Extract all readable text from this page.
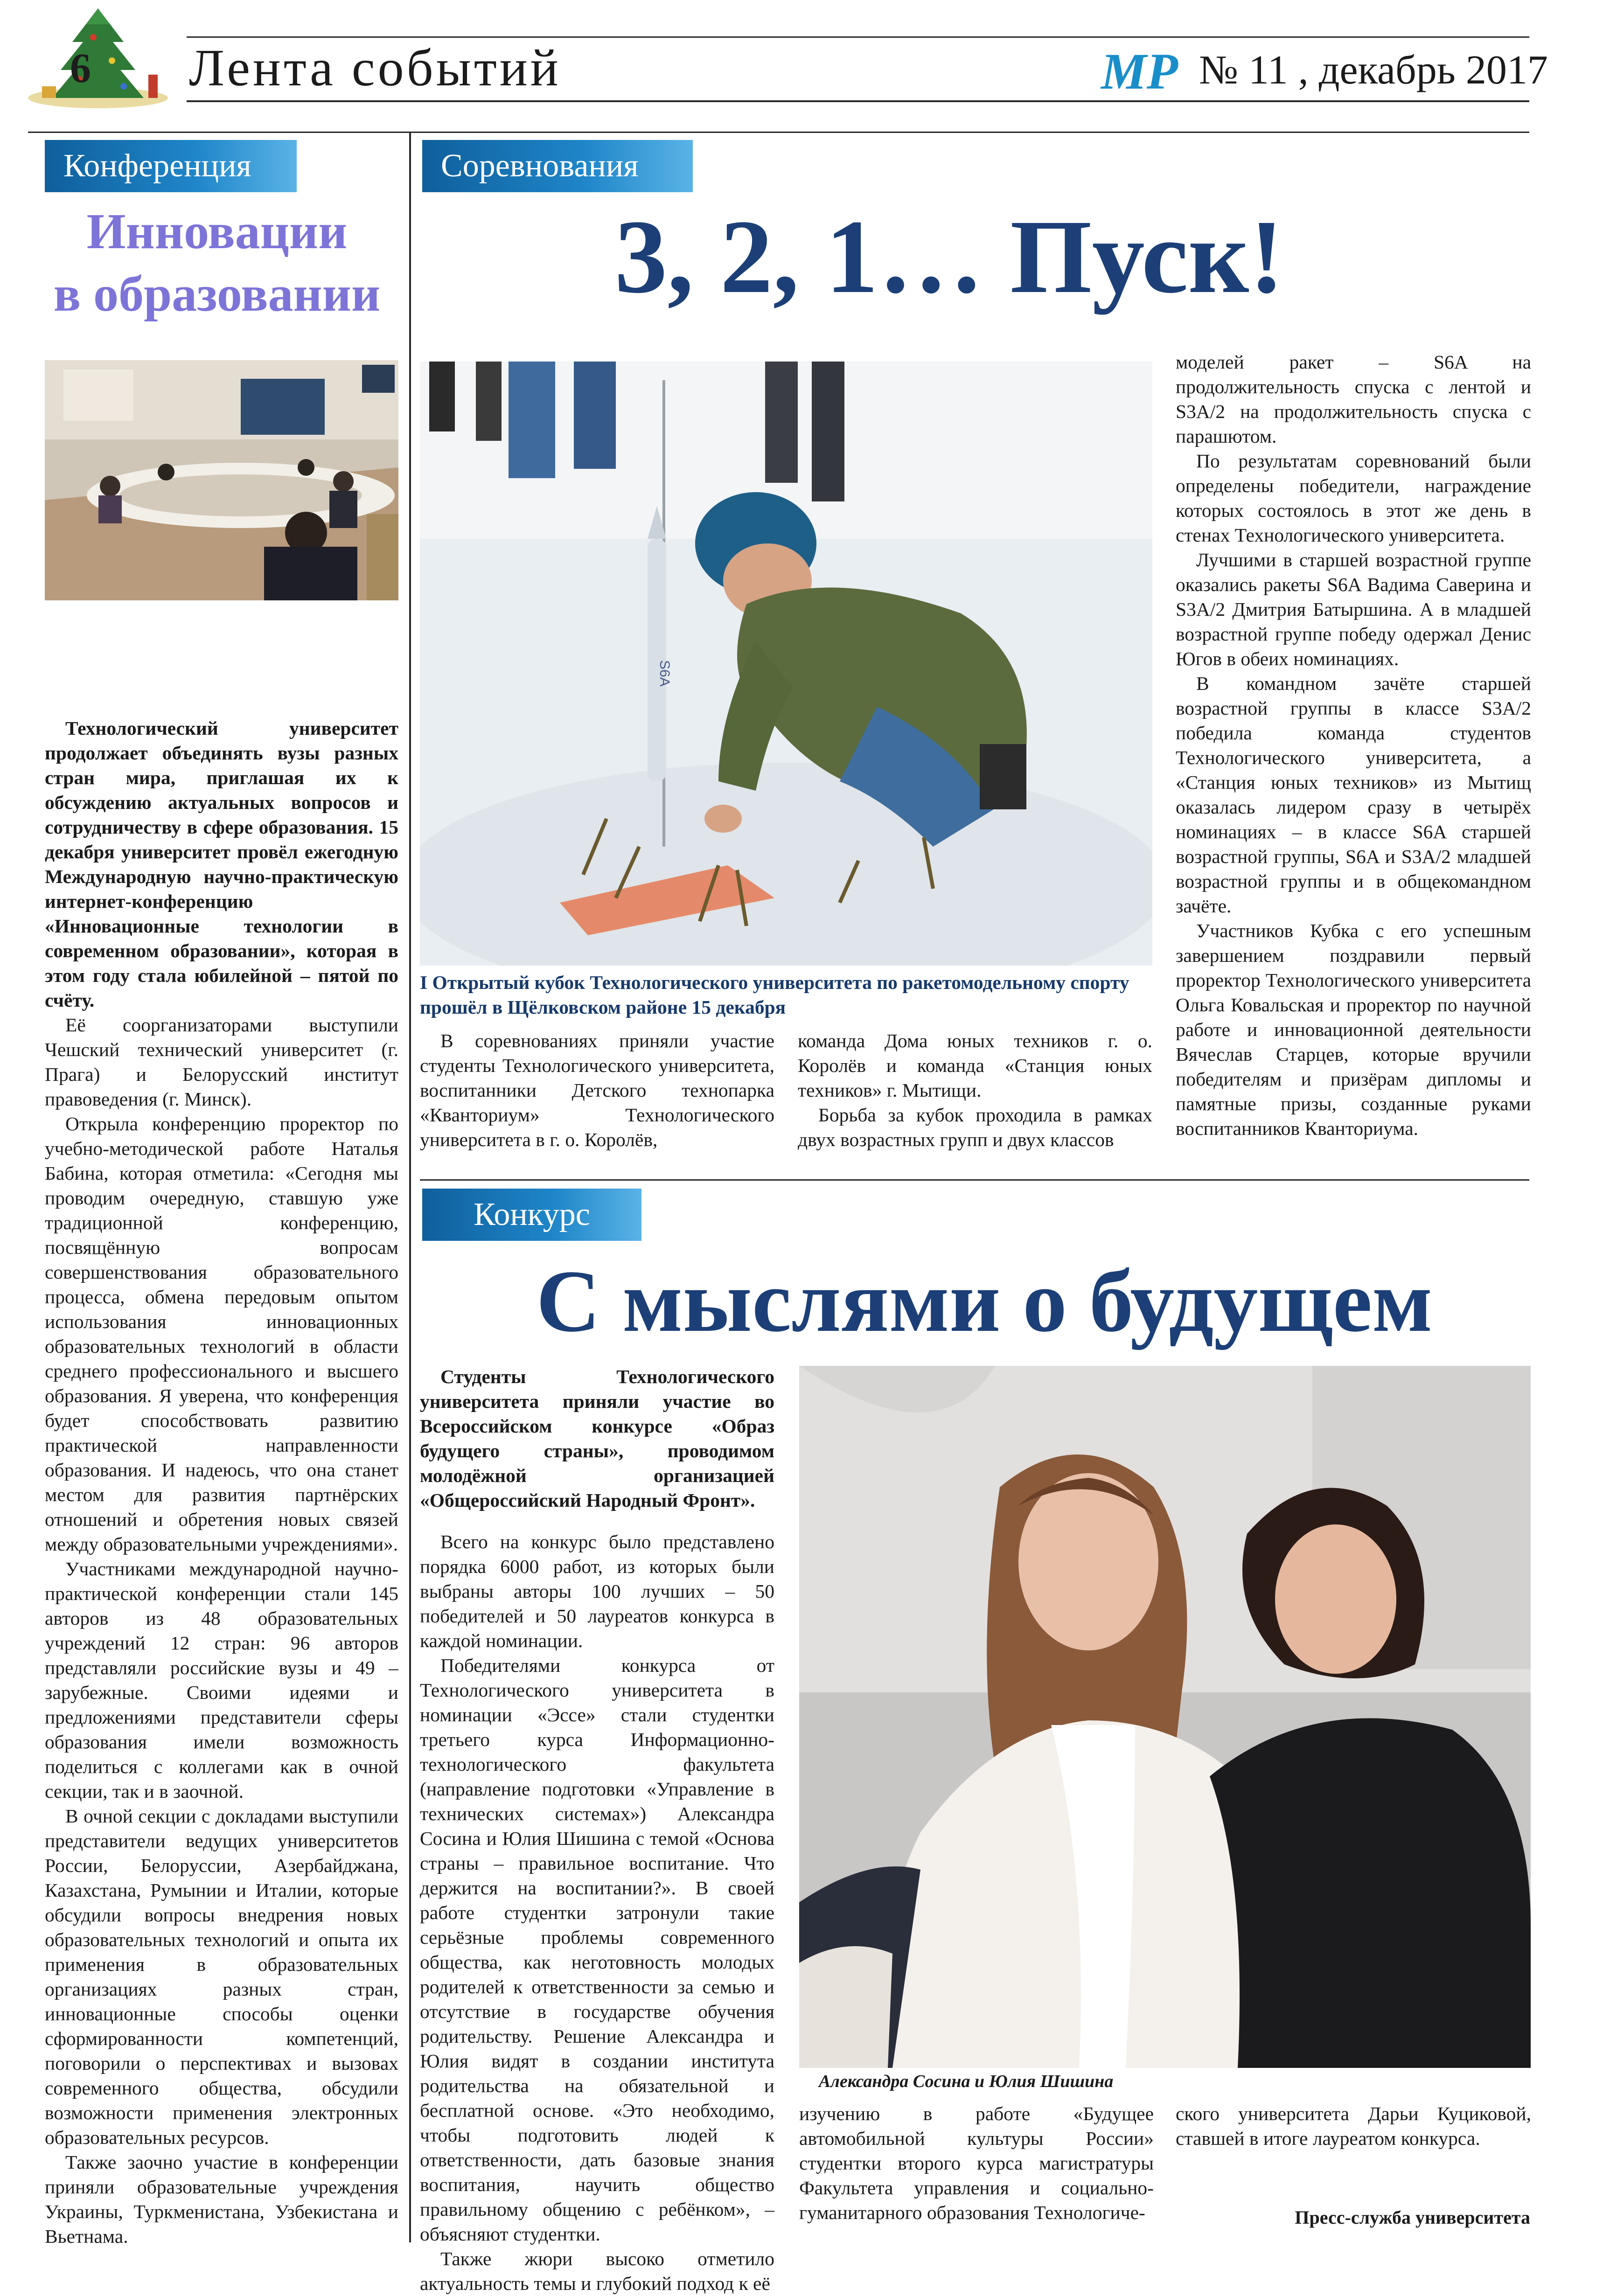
6 Лента событий	МР № 11 , декабрь 2017
Конференция
Инновации
в образовании

Технологический университет продолжает объединять вузы разных стран мира, приглашая их к обсуждению актуальных вопросов и сотрудничеству в сфере образования. 15 декабря университет провёл ежегодную Международную научно-практическую интернет-конференцию «Инновационные технологии в современном образовании», которая в этом году стала юбилейной – пятой по счёту.

Её соорганизаторами выступили Чешский технический университет (г. Прага) и Белорусский институт правоведения (г. Минск).

Открыла конференцию проректор по учебно-методической работе Наталья Бабина, которая отметила: «Сегодня мы проводим очередную, ставшую уже традиционной конференцию, посвящённую вопросам совершенствования образовательного процесса, обмена передовым опытом использования инновационных образовательных технологий в области среднего профессионального и высшего образования. Я уверена, что конференция будет способствовать развитию практической направленности образования. И надеюсь, что она станет местом для развития партнёрских отношений и обретения новых связей между образовательными учреждениями».

Участниками международной научно-практической конференции стали 145 авторов из 48 образовательных учреждений 12 стран: 96 авторов представляли российские вузы и 49 – зарубежные. Своими идеями и предложениями представители сферы образования имели возможность поделиться с коллегами как в очной секции, так и в заочной.

В очной секции с докладами выступили представители ведущих университетов России, Белоруссии, Азербайджана, Казахстана, Румынии и Италии, которые обсудили вопросы внедрения новых образовательных технологий и опыта их применения в образовательных организациях разных стран, инновационные способы оценки сформированности компетенций, поговорили о перспективах и вызовах современного общества, обсудили возможности применения электронных образовательных ресурсов.

Также заочно участие в конференции приняли образовательные учреждения Украины, Туркменистана, Узбекистана и Вьетнама.

Соревнования
3, 2, 1… Пуск!
S6A
I Открытый кубок Технологического университета по ракетомодельному спорту прошёл в Щёлковском районе 15 декабря

В соревнованиях приняли участие студенты Технологического университета, воспитанники Детского технопарка «Кванториум» Технологического университета в г. о. Королёв,

команда Дома юных техников г. о. Королёв и команда «Станция юных техников» г. Мытищи.

Борьба за кубок проходила в рамках двух возрастных групп и двух классов

моделей ракет – S6A на продолжительность спуска с лентой и S3A/2 на продолжительность спуска с парашютом.

По результатам соревнований были определены победители, награждение которых состоялось в этот же день в стенах Технологического университета.

Лучшими в старшей возрастной группе оказались ракеты S6A Вадима Саверина и S3A/2 Дмитрия Батыршина. А в младшей возрастной группе победу одержал Денис Югов в обеих номинациях.

В командном зачёте старшей возрастной группы в классе S3A/2 победила команда студентов Технологического университета, а «Станция юных техников» из Мытищ оказалась лидером сразу в четырёх номинациях – в классе S6A старшей возрастной группы, S6A и S3A/2 младшей возрастной группы и в общекомандном зачёте.

Участников Кубка с его успешным завершением поздравили первый проректор Технологического университета Ольга Ковальская и проректор по научной работе и инновационной деятельности Вячеслав Старцев, которые вручили победителям и призёрам дипломы и памятные призы, созданные руками воспитанников Кванториума.

Конкурс
С мыслями о будущем

Студенты Технологического университета приняли участие во Всероссийском конкурсе «Образ будущего страны», проводимом молодёжной организацией «Общероссийский Народный Фронт».

Всего на конкурс было представлено порядка 6000 работ, из которых были выбраны авторы 100 лучших – 50 победителей и 50 лауреатов конкурса в каждой номинации.

Победителями конкурса от Технологического университета в номинации «Эссе» стали студентки третьего курса Информационно-технологического факультета (направление подготовки «Управление в технических системах») Александра Сосина и Юлия Шишина с темой «Основа страны – правильное воспитание. Что держится на воспитании?». В своей работе студентки затронули такие серьёзные проблемы современного общества, как неготовность молодых родителей к ответственности за семью и отсутствие в государстве обучения родительству. Решение Александра и Юлия видят в создании института родительства на обязательной и бесплатной основе. «Это необходимо, чтобы подготовить людей к ответственности, дать базовые знания воспитания, научить общество правильному общению с ребёнком», – объясняют студентки.

Также жюри высоко отметило актуальность темы и глубокий подход к её

Александра Сосина и Юлия Шишина

изучению в работе «Будущее автомобильной культуры России» студентки второго курса магистратуры Факультета управления и социально-гуманитарного образования Технологиче-

ского университета Дарьи Куциковой, ставшей в итоге лауреатом конкурса.

Пресс-служба университета
